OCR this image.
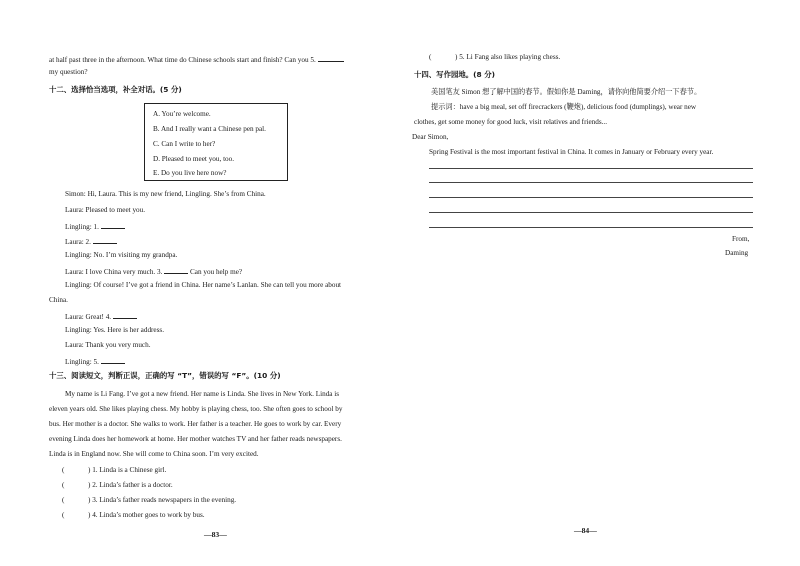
at half past three in the afternoon. What time do Chinese schools start and finish? Can you 5.
my question?
十二、选择恰当选项，补全对话。(5 分)
A. You’re welcome.
B. And I really want a Chinese pen pal.
C. Can I write to her?
D. Pleased to meet you, too.
E. Do you live here now?
Simon: Hi, Laura. This is my new friend, Lingling. She’s from China.
Laura: Pleased to meet you.
Lingling: 1.
Laura: 2.
Lingling: No. I’m visiting my grandpa.
Laura: I love China very much. 3.	Can you help me?
Lingling: Of course! I’ve got a friend in China. Her name’s Lanlan. She can tell you more about
China.
Laura: Great! 4.
Lingling: Yes. Here is her address.
Laura: Thank you very much.
Lingling: 5.
十三、阅读短文，判断正误，正确的写 “T”，错误的写 “F”。(10 分)
My name is Li Fang. I’ve got a new friend. Her name is Linda. She lives in New York. Linda is
eleven years old. She likes playing chess. My hobby is playing chess, too. She often goes to school by
bus. Her mother is a doctor. She walks to work. Her father is a teacher. He goes to work by car. Every
evening Linda does her homework at home. Her mother watches TV and her father reads newspapers.
Linda is in England now. She will come to China soon. I’m very excited.
(	) 1. Linda is a Chinese girl.
(	) 2. Linda’s father is a doctor.
(	) 3. Linda’s father reads newspapers in the evening.
(	) 4. Linda’s mother goes to work by bus.
—83—
(	) 5. Li Fang also likes playing chess.
十四、写作园地。(8 分)
美国笔友 Simon 想了解中国的春节。假如你是 Daming，请你向他简要介绍一下春节。
提示词：have a big meal, set off firecrackers (鞭炮), delicious food (dumplings), wear new
clothes, get some money for good luck, visit relatives and friends...
Dear Simon,
Spring Festival is the most important festival in China. It comes in January or February every year.
—84—
From,
Daming
